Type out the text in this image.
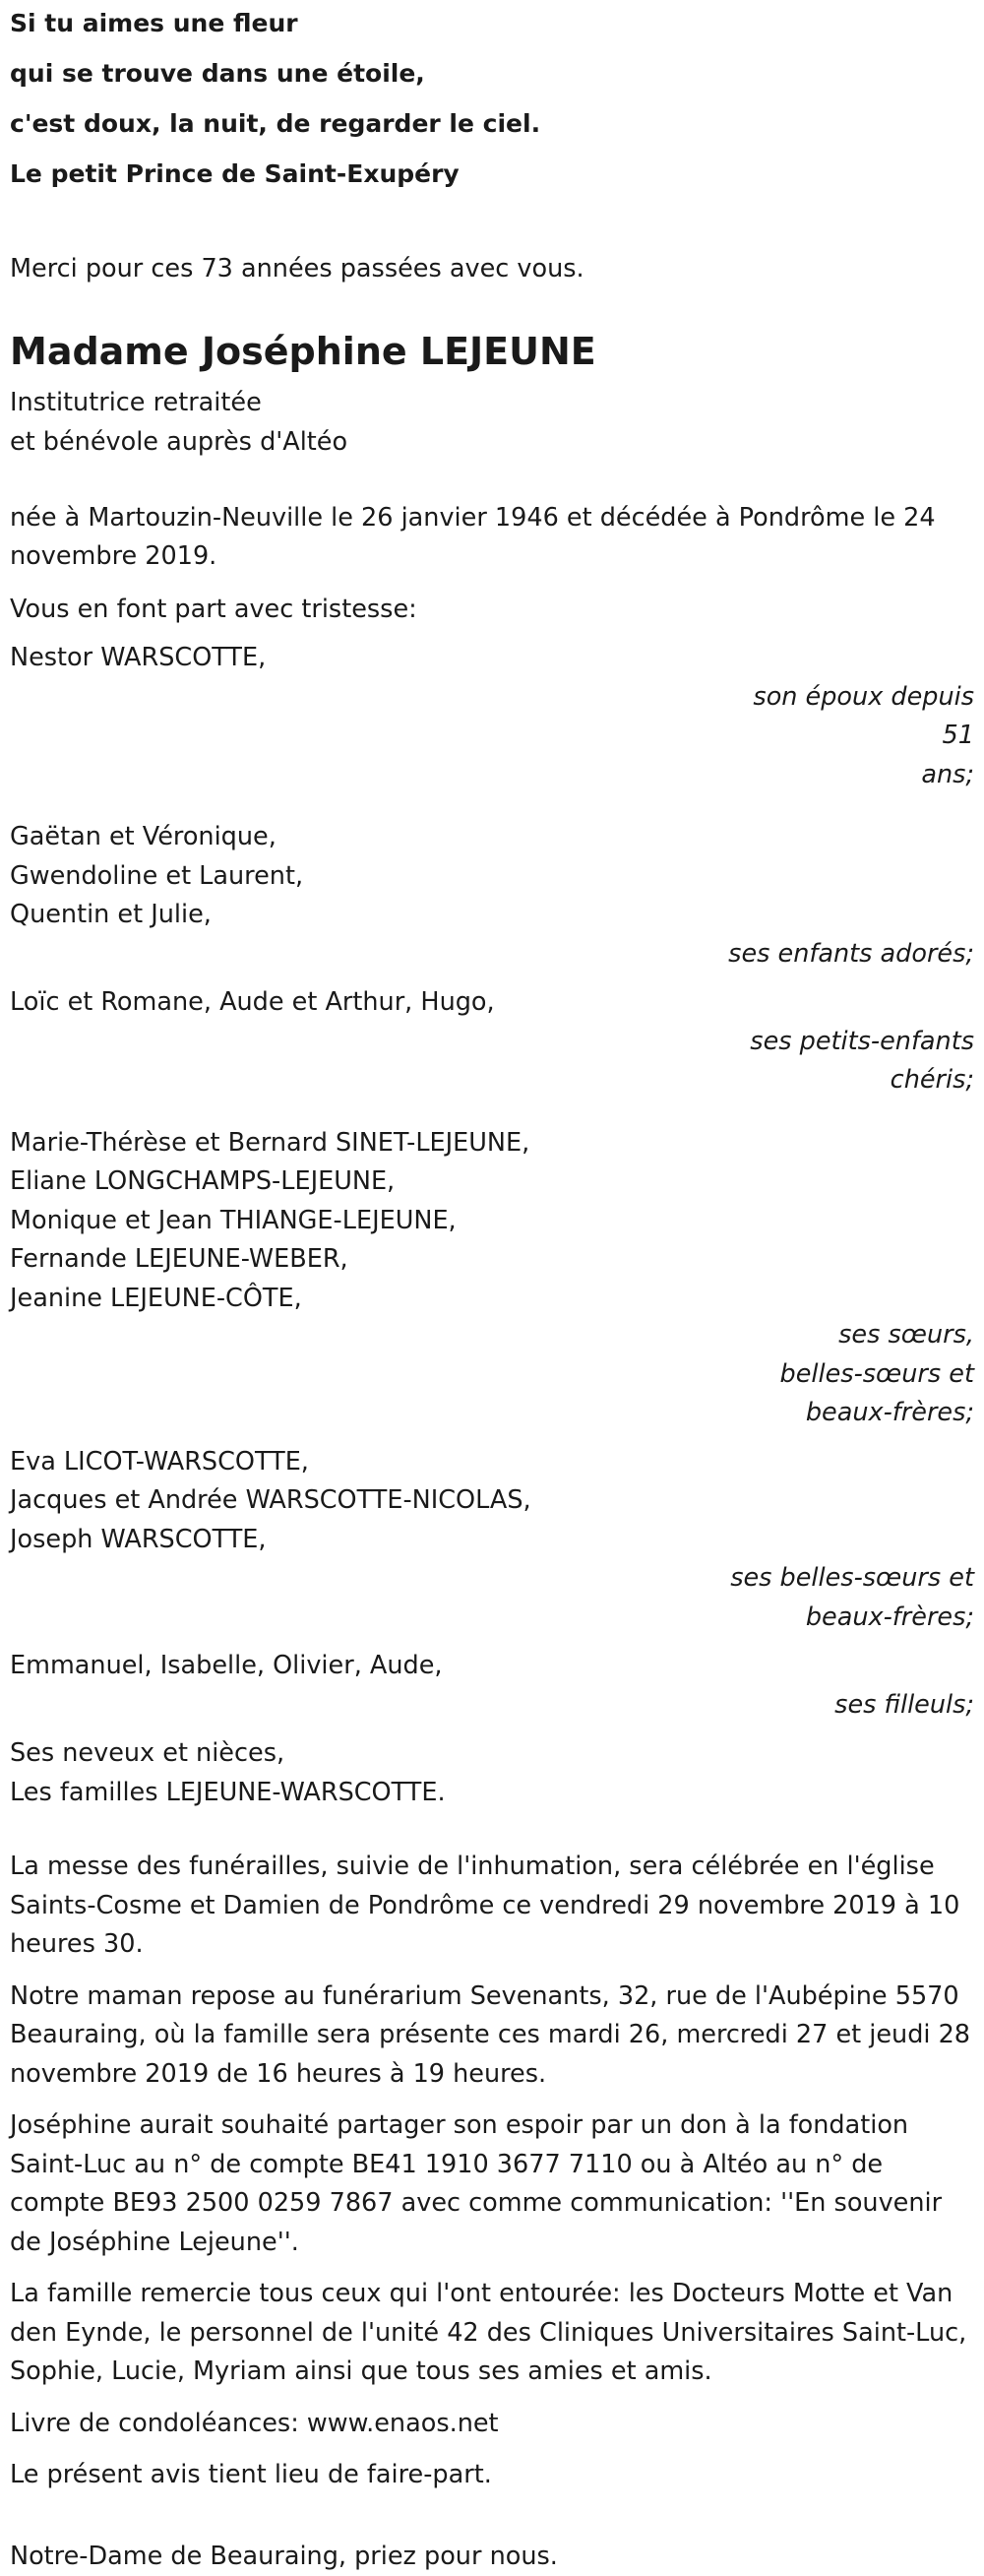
Si tu aimes une fleur

qui se trouve dans une étoile,

c'est doux, la nuit, de regarder le ciel.

Le petit Prince de Saint-Exupéry

Merci pour ces 73 années passées avec vous.

Madame Joséphine LEJEUNE
Institutrice retraitée
et bénévole auprès d'Altéo

née à Martouzin-Neuville le 26 janvier 1946 et décédée à Pondrôme le 24 novembre 2019.

Vous en font part avec tristesse:

Nestor WARSCOTTE,
son époux depuis 51
ans;
Gaëtan et Véronique,
Gwendoline et Laurent,
Quentin et Julie,
ses enfants adorés;
Loïc et Romane, Aude et Arthur, Hugo,
ses petits-enfants
chéris;
Marie-Thérèse et Bernard SINET-LEJEUNE,
Eliane LONGCHAMPS-LEJEUNE,
Monique et Jean THIANGE-LEJEUNE,
Fernande LEJEUNE-WEBER,
Jeanine LEJEUNE-CÔTE,
ses sœurs,
belles-sœurs et
beaux-frères;
Eva LICOT-WARSCOTTE,
Jacques et Andrée WARSCOTTE-NICOLAS,
Joseph WARSCOTTE,
ses belles-sœurs et
beaux-frères;
Emmanuel, Isabelle, Olivier, Aude,
ses filleuls;
Ses neveux et nièces,
Les familles LEJEUNE-WARSCOTTE.

La messe des funérailles, suivie de l'inhumation, sera célébrée en l'église Saints-Cosme et Damien de Pondrôme ce vendredi 29 novembre 2019 à 10 heures 30.

Notre maman repose au funérarium Sevenants, 32, rue de l'Aubépine 5570 Beauraing, où la famille sera présente ces mardi 26, mercredi 27 et jeudi 28 novembre 2019 de 16 heures à 19 heures.

Joséphine aurait souhaité partager son espoir par un don à la fondation Saint-Luc au n° de compte BE41 1910 3677 7110 ou à Altéo au n° de compte BE93 2500 0259 7867 avec comme communication: ''En souvenir de Joséphine Lejeune''.

La famille remercie tous ceux qui l'ont entourée: les Docteurs Motte et Van den Eynde, le personnel de l'unité 42 des Cliniques Universitaires Saint-Luc, Sophie, Lucie, Myriam ainsi que tous ses amies et amis.

Livre de condoléances: www.enaos.net

Le présent avis tient lieu de faire-part.

Notre-Dame de Beauraing, priez pour nous.
